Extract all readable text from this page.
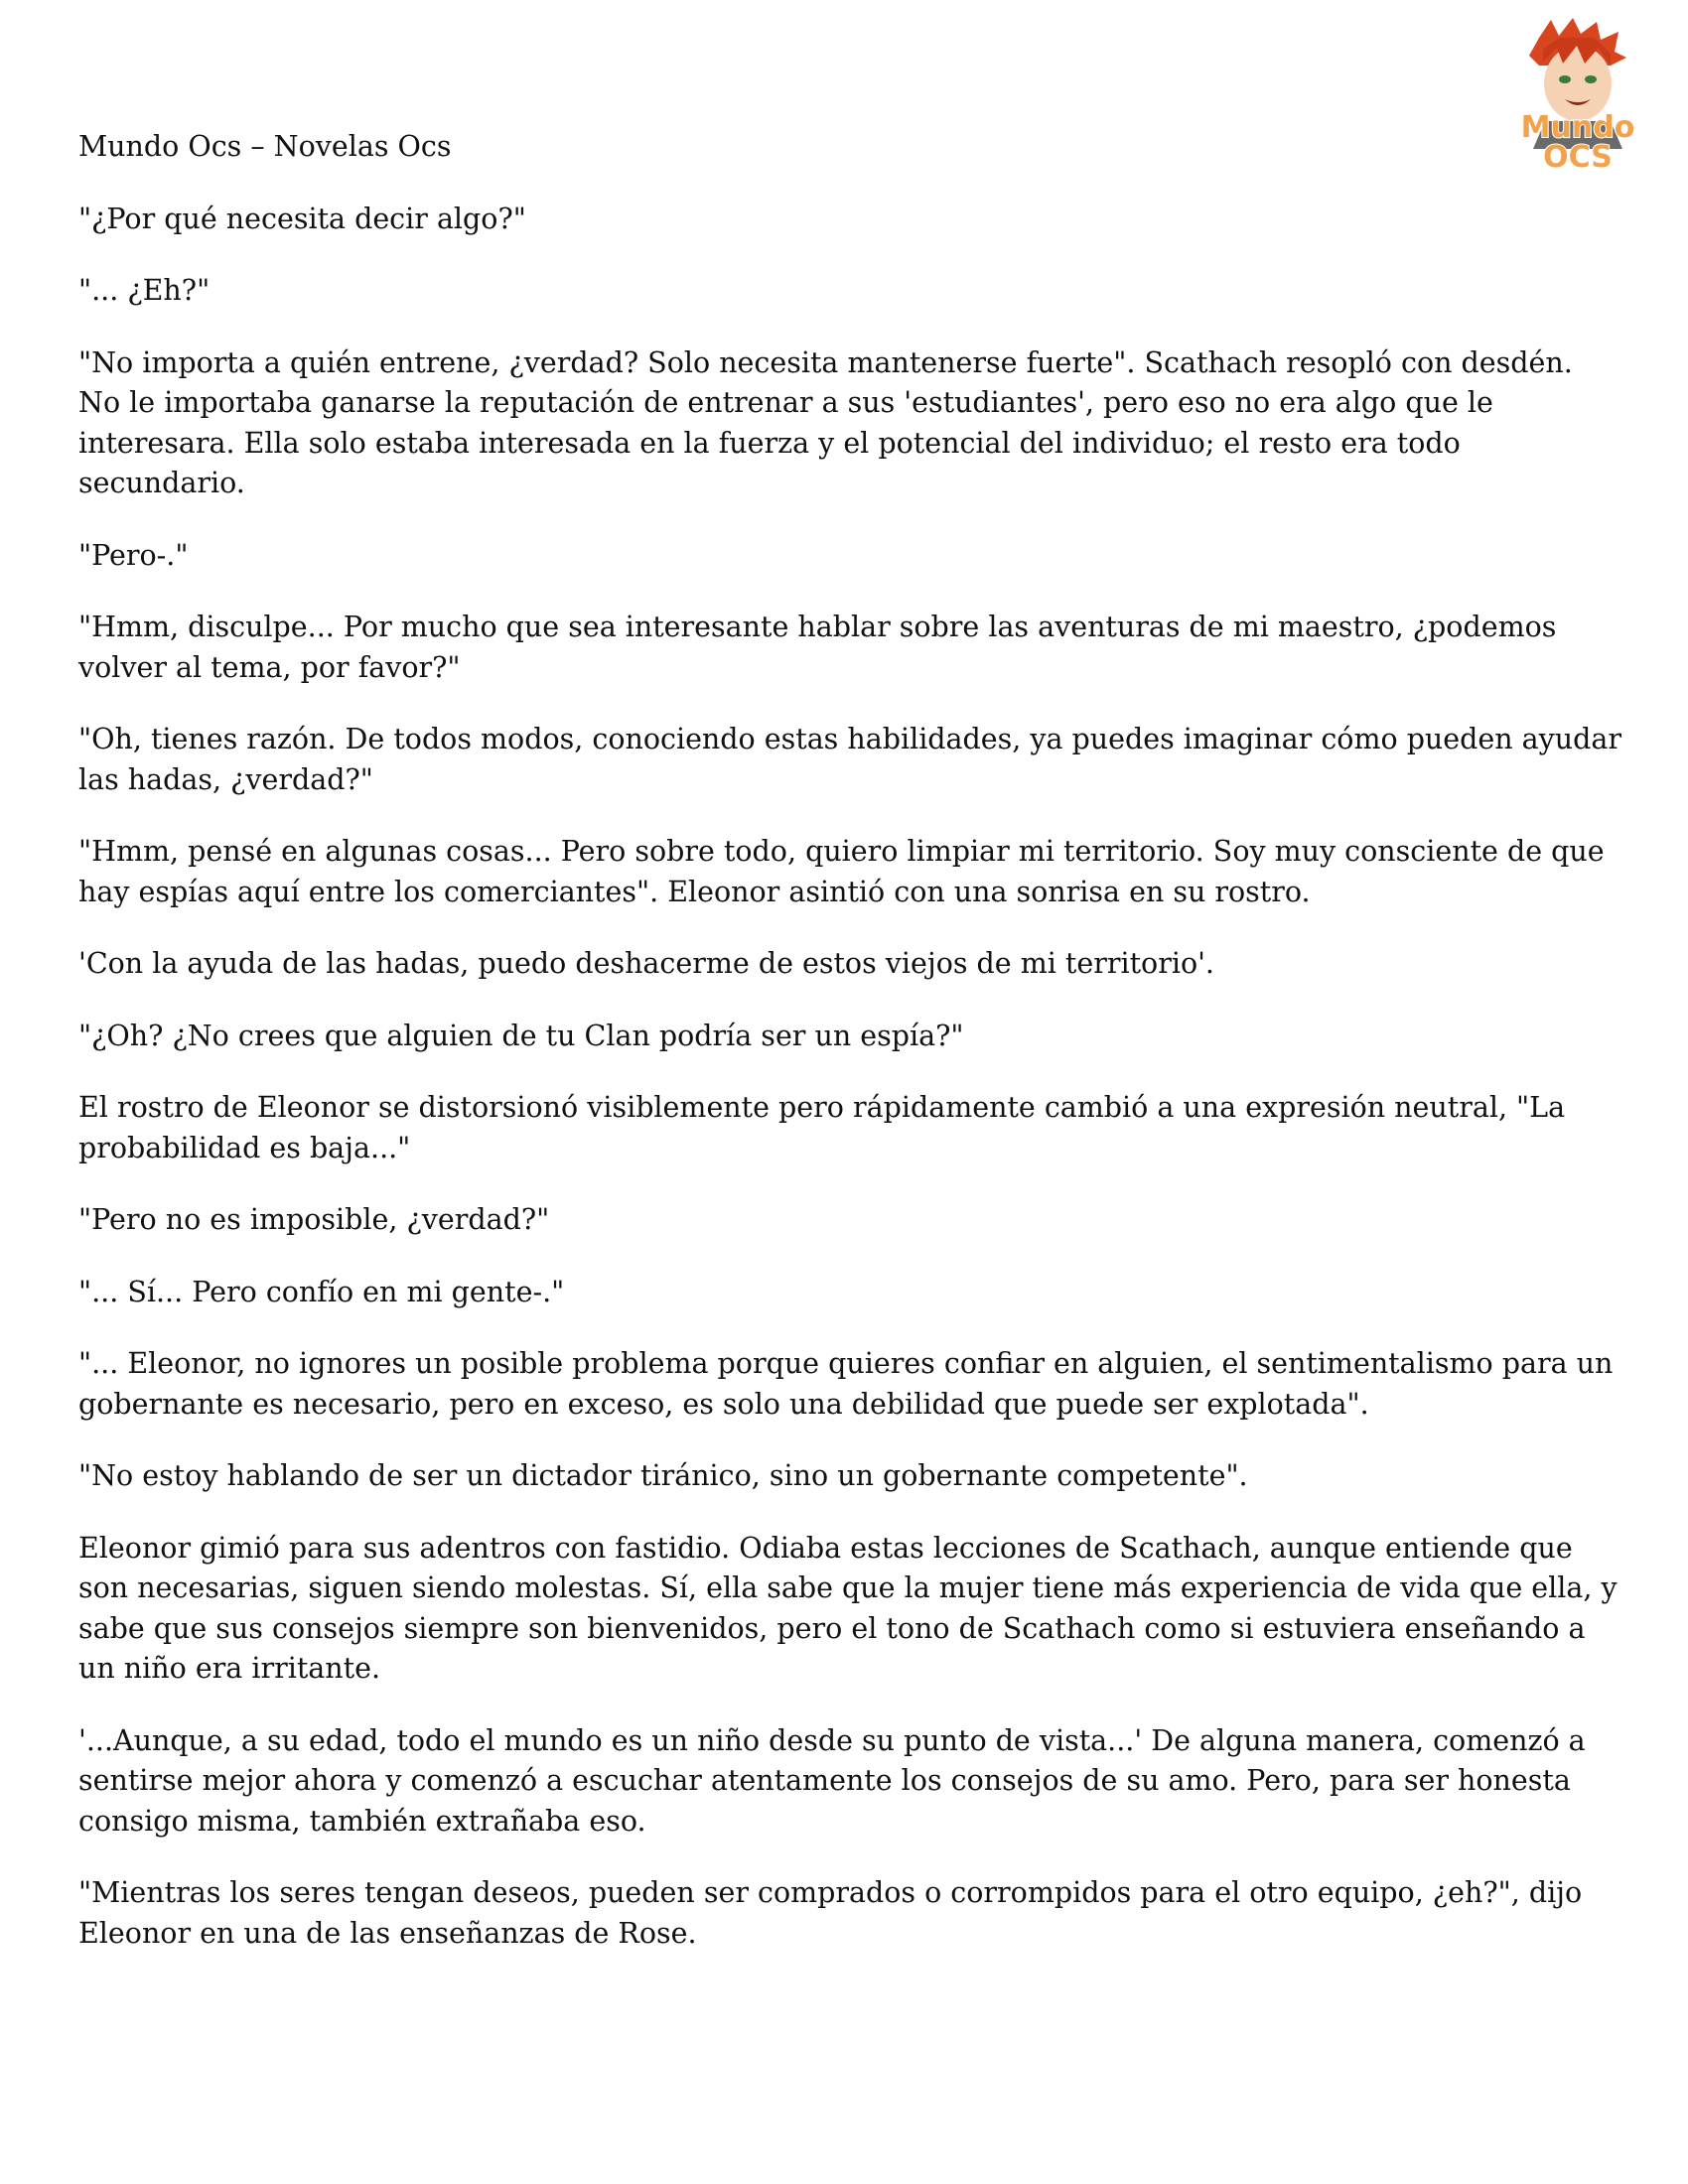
Mundo
OCS

Mundo Ocs – Novelas Ocs

"¿Por qué necesita decir algo?"

"... ¿Eh?"

"No importa a quién entrene, ¿verdad? Solo necesita mantenerse fuerte". Scathach resopló con desdén. No le importaba ganarse la reputación de entrenar a sus 'estudiantes', pero eso no era algo que le interesara. Ella solo estaba interesada en la fuerza y el potencial del individuo; el resto era todo secundario.

"Pero-."

"Hmm, disculpe... Por mucho que sea interesante hablar sobre las aventuras de mi maestro, ¿podemos volver al tema, por favor?"

"Oh, tienes razón. De todos modos, conociendo estas habilidades, ya puedes imaginar cómo pueden ayudar las hadas, ¿verdad?"

"Hmm, pensé en algunas cosas... Pero sobre todo, quiero limpiar mi territorio. Soy muy consciente de que hay espías aquí entre los comerciantes". Eleonor asintió con una sonrisa en su rostro.

'Con la ayuda de las hadas, puedo deshacerme de estos viejos de mi territorio'.

"¿Oh? ¿No crees que alguien de tu Clan podría ser un espía?"

El rostro de Eleonor se distorsionó visiblemente pero rápidamente cambió a una expresión neutral, "La probabilidad es baja..."

"Pero no es imposible, ¿verdad?"

"... Sí... Pero confío en mi gente-."

"... Eleonor, no ignores un posible problema porque quieres confiar en alguien, el sentimentalismo para un gobernante es necesario, pero en exceso, es solo una debilidad que puede ser explotada".

"No estoy hablando de ser un dictador tiránico, sino un gobernante competente".

Eleonor gimió para sus adentros con fastidio. Odiaba estas lecciones de Scathach, aunque entiende que son necesarias, siguen siendo molestas. Sí, ella sabe que la mujer tiene más experiencia de vida que ella, y sabe que sus consejos siempre son bienvenidos, pero el tono de Scathach como si estuviera enseñando a un niño era irritante.

'...Aunque, a su edad, todo el mundo es un niño desde su punto de vista...' De alguna manera, comenzó a sentirse mejor ahora y comenzó a escuchar atentamente los consejos de su amo. Pero, para ser honesta consigo misma, también extrañaba eso.

"Mientras los seres tengan deseos, pueden ser comprados o corrompidos para el otro equipo, ¿eh?", dijo Eleonor en una de las enseñanzas de Rose.
